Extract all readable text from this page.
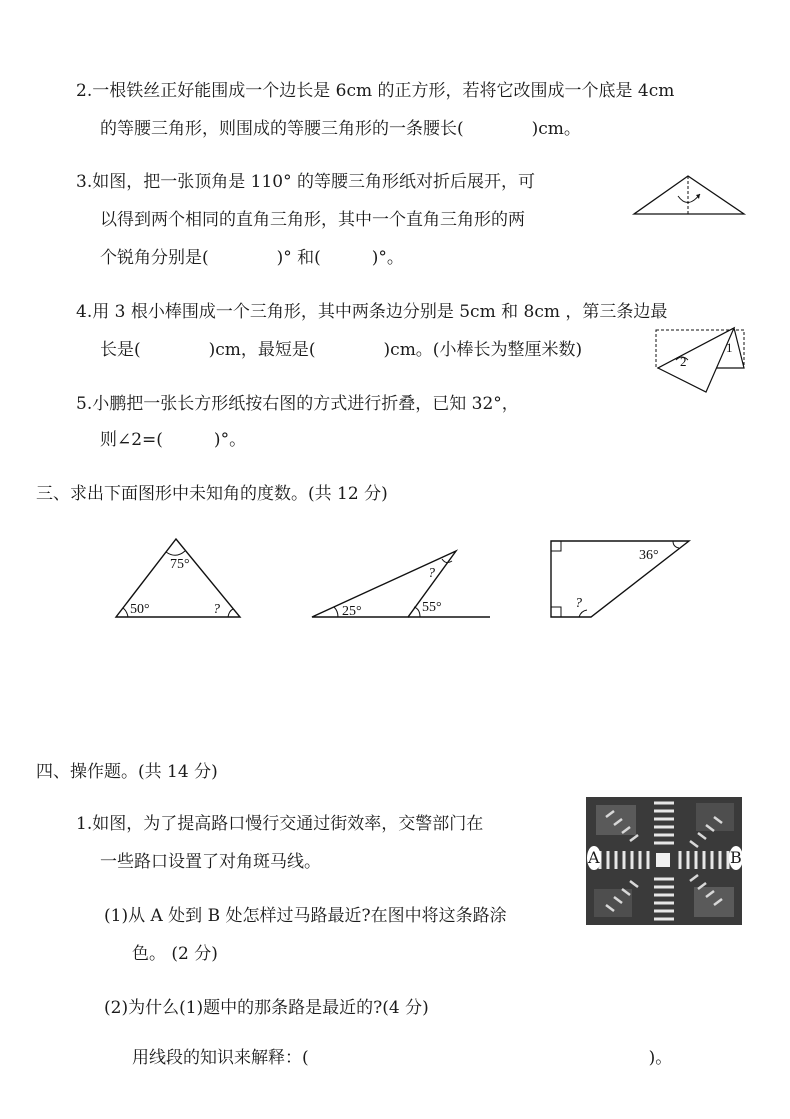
2.一根铁丝正好能围成一个边长是 6cm 的正方形，若将它改围成一个底是 4cm
的等腰三角形，则围成的等腰三角形的一条腰长(　　　　)cm。
3.如图，把一张顶角是 110° 的等腰三角形纸对折后展开，可
以得到两个相同的直角三角形，其中一个直角三角形的两
个锐角分别是(　　　　)° 和(　　　)°。
4.用 3 根小棒围成一个三角形，其中两条边分别是 5cm 和 8cm ，第三条边最
长是(　　　　)cm，最短是(　　　　)cm。(小棒长为整厘米数)
5.小鹏把一张长方形纸按右图的方式进行折叠，已知 32°，
则∠2=(　　　)°。
2
1
三、求出下面图形中未知角的度数。(共 12 分)
75°
50°	?	25°	55°
?
36°
?
四、操作题。(共 14 分)
1.如图，为了提高路口慢行交通过街效率，交警部门在
一些路口设置了对角斑马线。
(1)从 A 处到 B 处怎样过马路最近?在图中将这条路涂
色。 (2 分)
(2)为什么(1)题中的那条路是最近的?(4 分)
用线段的知识来解释：(　　　　　　　　　　　　　　　　　　　　)。
A	B
